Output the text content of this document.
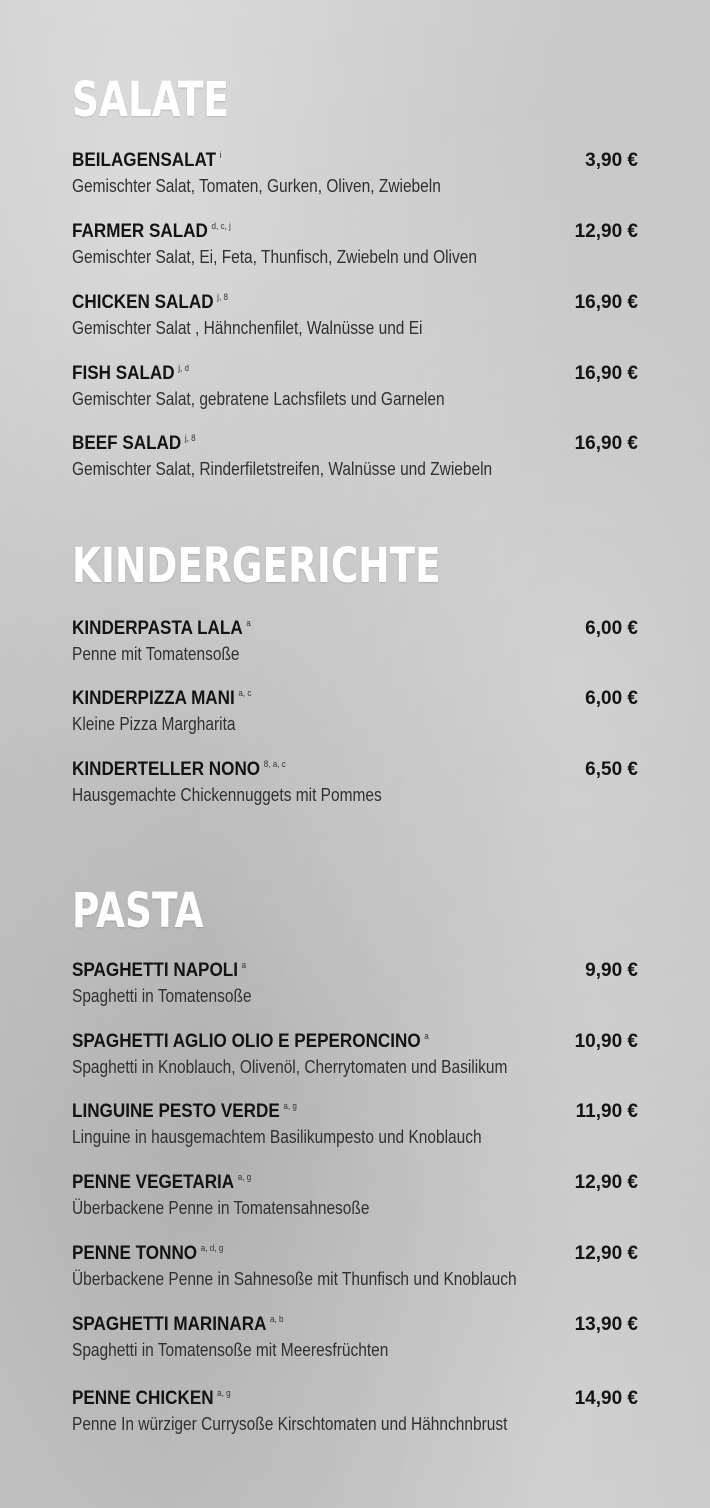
SALATE
BEILAGENSALAT $^i$	3,90 €
Gemischter Salat, Tomaten, Gurken, Oliven, Zwiebeln
FARMER SALAD $^{d, c, j}$	12,90 €
Gemischter Salat, Ei, Feta, Thunfisch, Zwiebeln und Oliven
CHICKEN SALAD $^{j, 8}$	16,90 €
Gemischter Salat , Hähnchenfilet, Walnüsse und Ei
FISH SALAD $^{j, d}$	16,90 €
Gemischter Salat, gebratene Lachsfilets und Garnelen
BEEF SALAD $^{j, 8}$	16,90 €
Gemischter Salat, Rinderfiletstreifen, Walnüsse und Zwiebeln
KINDERGERICHTE
KINDERPASTA LALA $^a$	6,00 €
Penne mit Tomatensoße
KINDERPIZZA MANI $^{a, c}$	6,00 €
Kleine Pizza Margharita
KINDERTELLER NONO $^{8, a, c}$	6,50 €
Hausgemachte Chickennuggets mit Pommes
PASTA
SPAGHETTI NAPOLI $^a$	9,90 €
Spaghetti in Tomatensoße
SPAGHETTI AGLIO OLIO E PEPERONCINO $^a$	10,90 €
Spaghetti in Knoblauch, Olivenöl, Cherrytomaten und Basilikum
LINGUINE PESTO VERDE $^{a, g}$	11,90 €
Linguine in hausgemachtem Basilikumpesto und Knoblauch
PENNE VEGETARIA $^{a, g}$	12,90 €
Überbackene Penne in Tomatensahnesoße
PENNE TONNO $^{a, d, g}$	12,90 €
Überbackene Penne in Sahnesoße mit Thunfisch und Knoblauch
SPAGHETTI MARINARA $^{a, b}$	13,90 €
Spaghetti in Tomatensoße mit Meeresfrüchten
PENNE CHICKEN $^{a, g}$	14,90 €
Penne In würziger Currysoße Kirschtomaten und Hähnchnbrust
